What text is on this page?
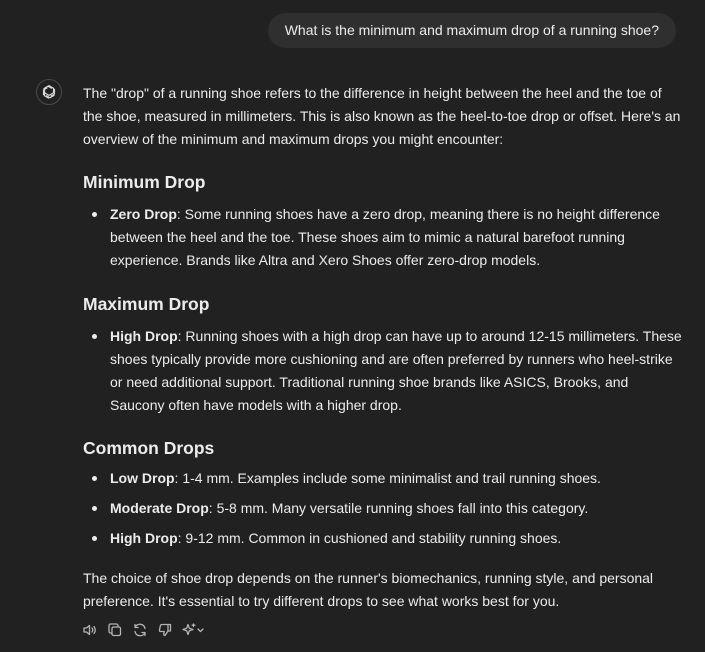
What is the minimum and maximum drop of a running shoe?

The "drop" of a running shoe refers to the difference in height between the heel and the toe of the shoe, measured in millimeters. This is also known as the heel-to-toe drop or offset. Here's an overview of the minimum and maximum drops you might encounter:

Minimum Drop
Zero Drop: Some running shoes have a zero drop, meaning there is no height difference between the heel and the toe. These shoes aim to mimic a natural barefoot running experience. Brands like Altra and Xero Shoes offer zero-drop models.
Maximum Drop
High Drop: Running shoes with a high drop can have up to around 12-15 millimeters. These shoes typically provide more cushioning and are often preferred by runners who heel-strike or need additional support. Traditional running shoe brands like ASICS, Brooks, and Saucony often have models with a higher drop.
Common Drops
Low Drop: 1-4 mm. Examples include some minimalist and trail running shoes.
Moderate Drop: 5-8 mm. Many versatile running shoes fall into this category.
High Drop: 9-12 mm. Common in cushioned and stability running shoes.

The choice of shoe drop depends on the runner's biomechanics, running style, and personal preference. It's essential to try different drops to see what works best for you.
